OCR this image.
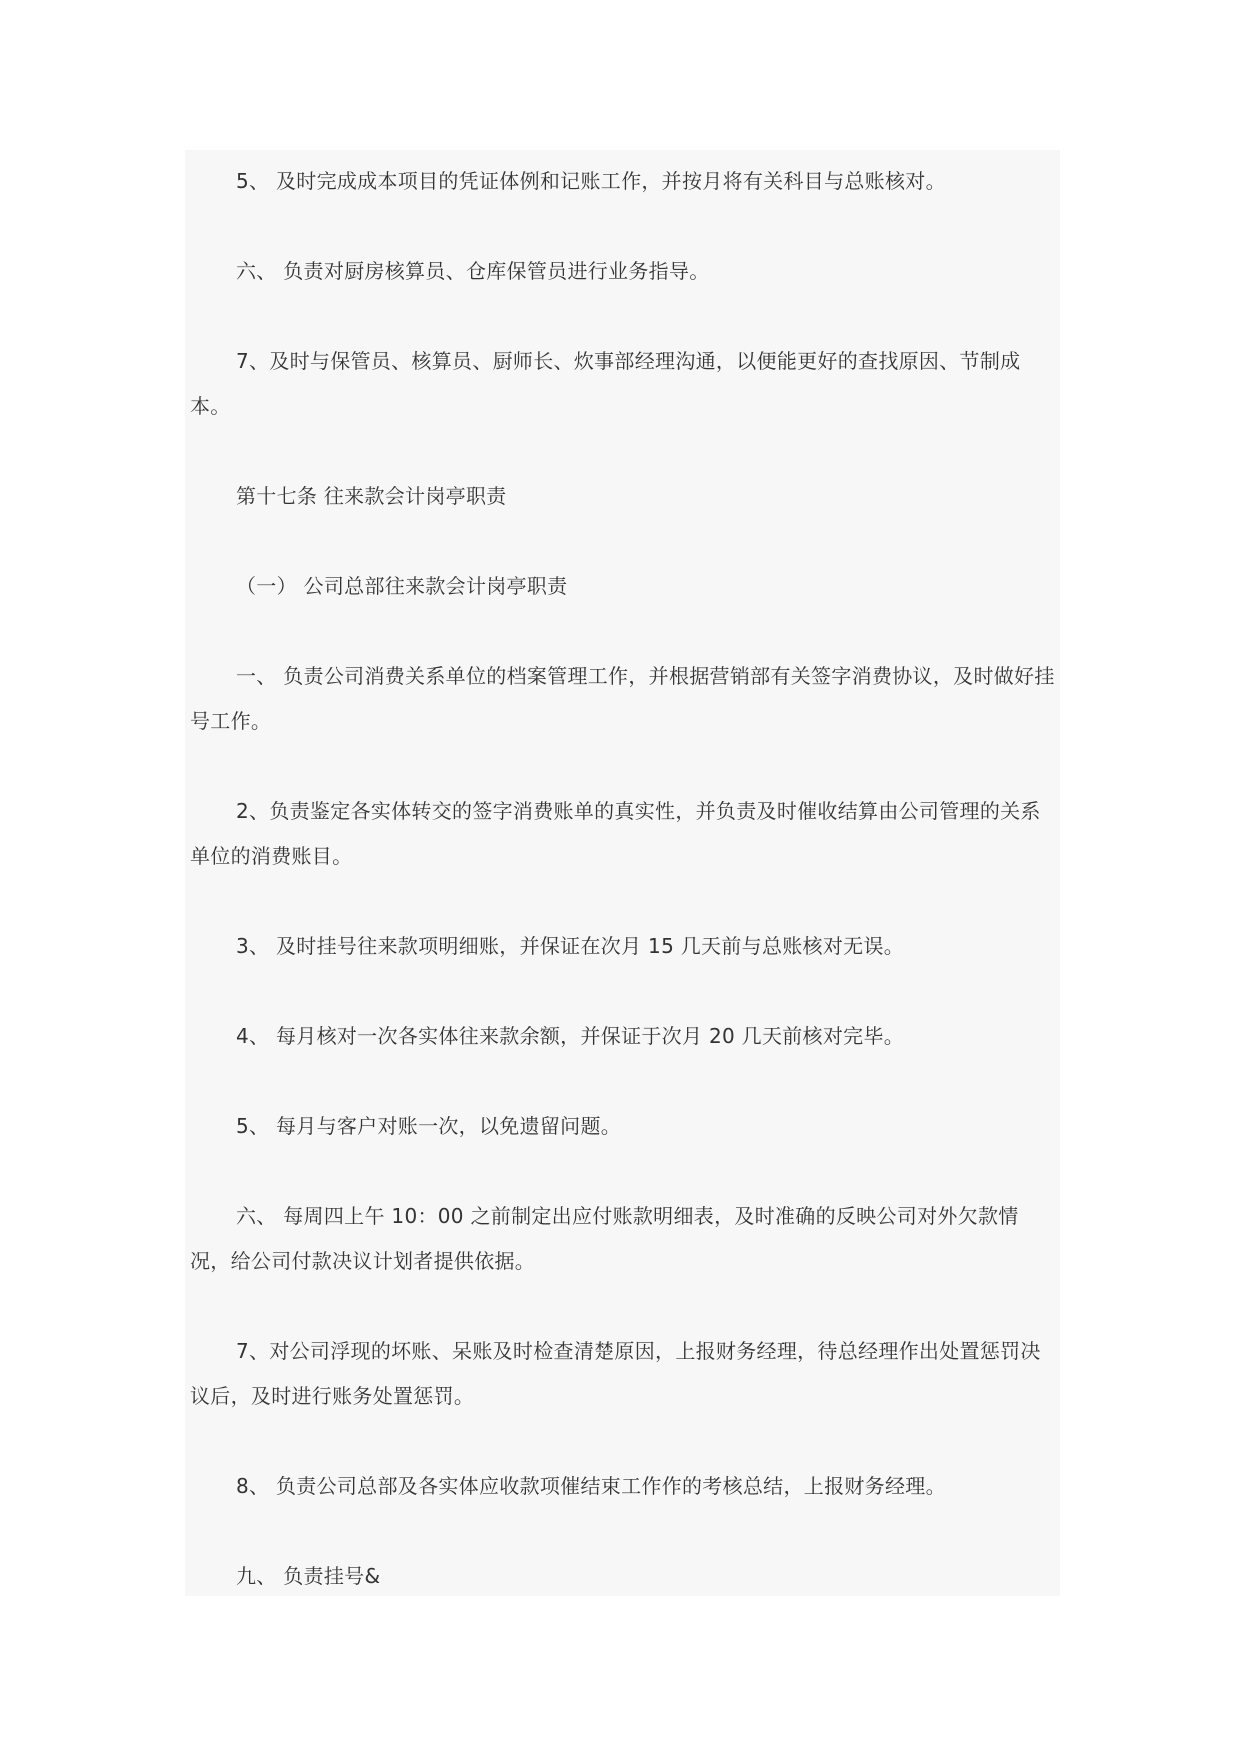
5、 及时完成成本项目的凭证体例和记账工作，并按月将有关科目与总账核对。

六、 负责对厨房核算员、仓库保管员进行业务指导。

7、及时与保管员、核算员、厨师长、炊事部经理沟通，以便能更好的查找原因、节制成本。

第十七条 往来款会计岗亭职责

（一） 公司总部往来款会计岗亭职责

一、 负责公司消费关系单位的档案管理工作，并根据营销部有关签字消费协议，及时做好挂号工作。

2、负责鉴定各实体转交的签字消费账单的真实性，并负责及时催收结算由公司管理的关系单位的消费账目。

3、 及时挂号往来款项明细账，并保证在次月 15 几天前与总账核对无误。

4、 每月核对一次各实体往来款余额，并保证于次月 20 几天前核对完毕。

5、 每月与客户对账一次，以免遗留问题。

六、 每周四上午 10：00 之前制定出应付账款明细表，及时准确的反映公司对外欠款情况，给公司付款决议计划者提供依据。

7、对公司浮现的坏账、呆账及时检查清楚原因，上报财务经理，待总经理作出处置惩罚决议后，及时进行账务处置惩罚。

8、 负责公司总部及各实体应收款项催结束工作作的考核总结，上报财务经理。

九、 负责挂号&
